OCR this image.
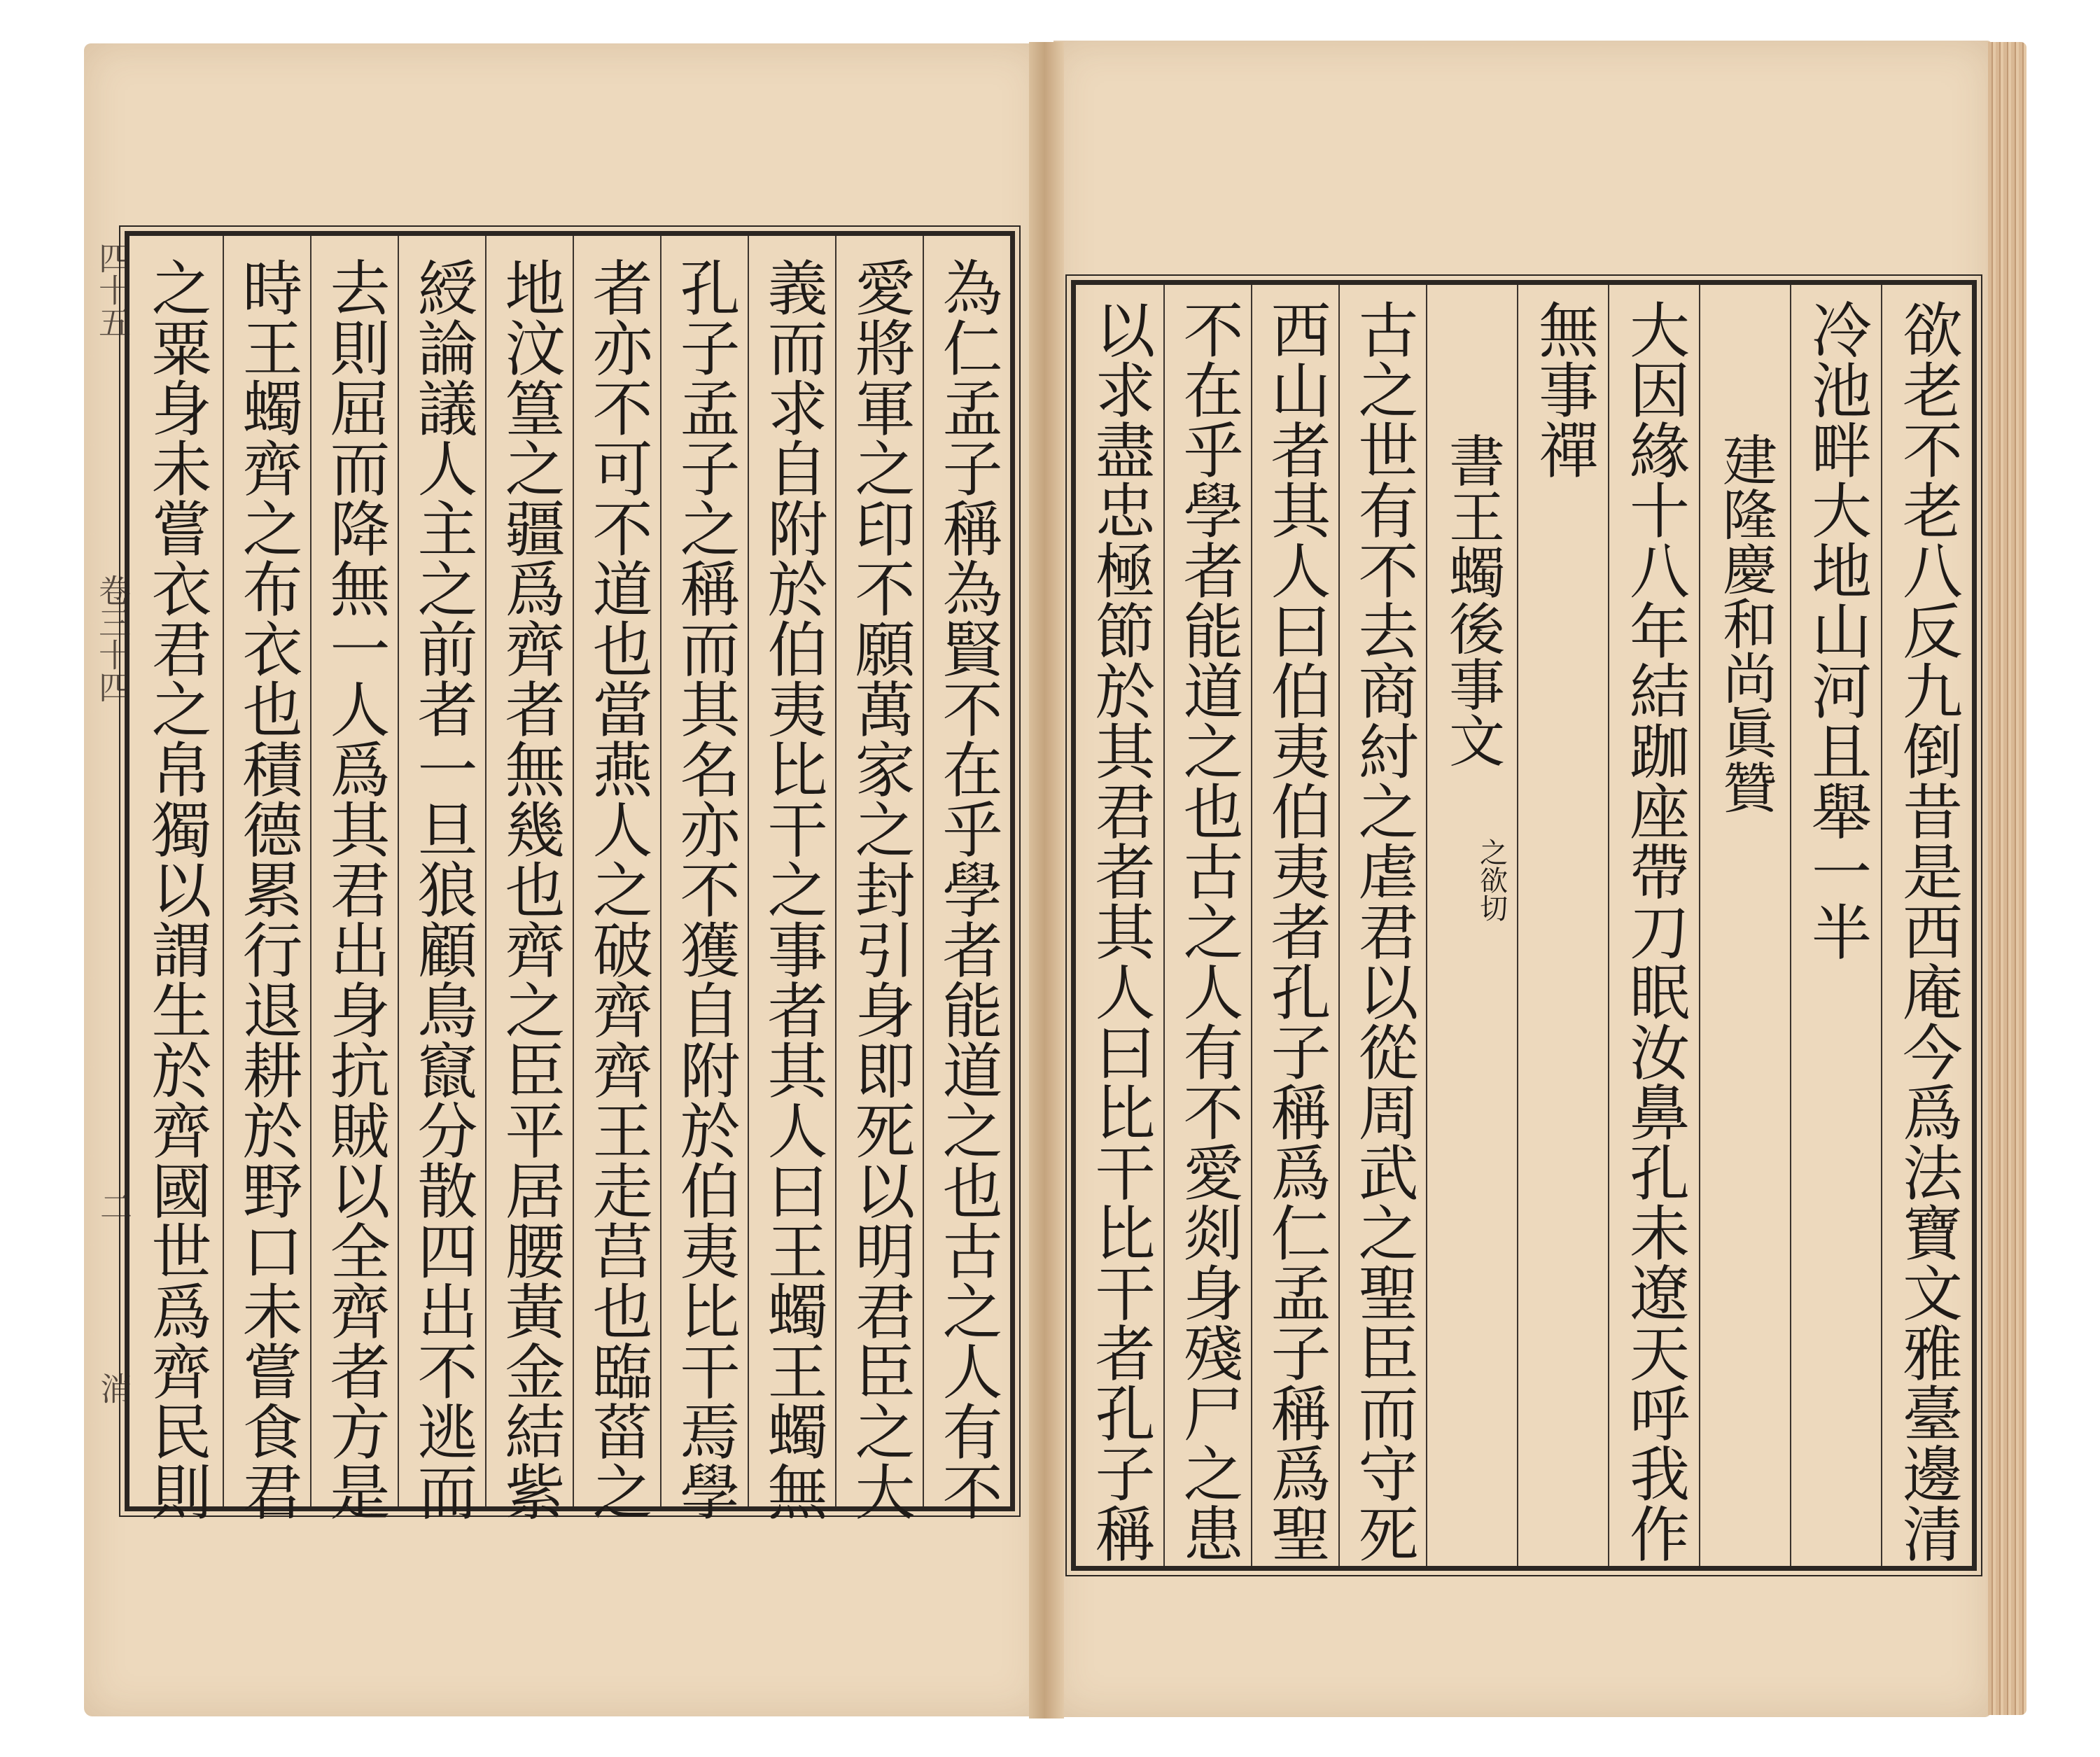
四十五
卷三十四
二
消	為仁孟子稱為賢不在乎學者能道之也古之人有不
愛將軍之印不願萬家之封引身即死以明君臣之大
義而求自附於伯夷比干之事者其人曰王蠋王蠋無
孔子孟子之稱而其名亦不獲自附於伯夷比干焉學
者亦不可不道也當燕人之破齊齊王走莒也臨菑之
地汶篁之疆爲齊者無幾也齊之臣平居腰黃金結紫
綬論議人主之前者一旦狼顧鳥竄分散四出不逃而
去則屈而降無一人爲其君出身抗賊以全齊者方是
時王蠋齊之布衣也積德累行退耕於野口未嘗食君
之粟身未嘗衣君之帛獨以謂生於齊國世爲齊民則	欲老不老八反九倒昔是西庵今爲法寶文雅臺邊清
冷池畔大地山河且舉一半
建隆慶和尚眞贊
大因緣十八年結跏座帶刀眠汝鼻孔未遼天呼我作
無事禪
書王蠋後事文
之欲切
古之世有不去商紂之虐君以從周武之聖臣而守死
西山者其人曰伯夷伯夷者孔子稱爲仁孟子稱爲聖
不在乎學者能道之也古之人有不愛剡身殘尸之患
以求盡忠極節於其君者其人曰比干比干者孔子稱
